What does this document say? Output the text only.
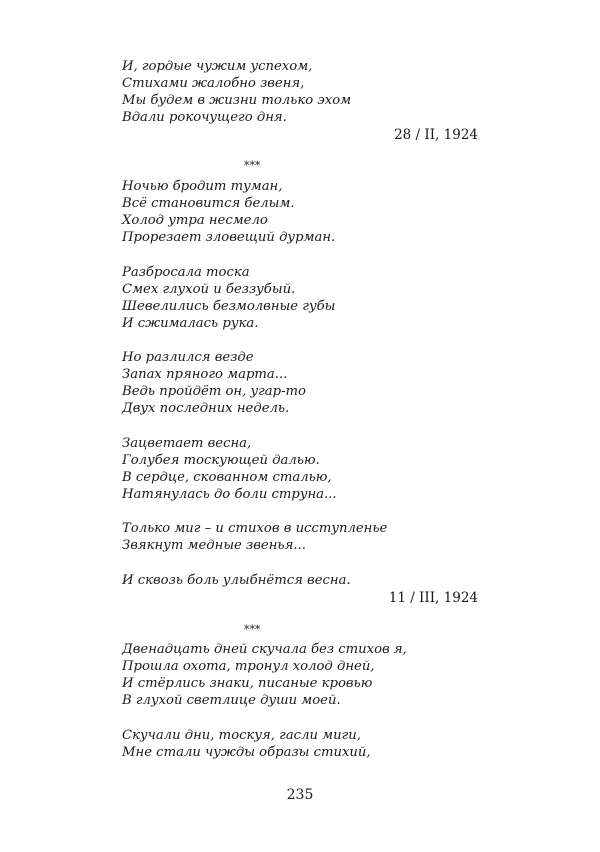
И, гордые чужим успехом,
Стихами жалобно звеня,
Мы будем в жизни только эхом
Вдали рокочущего дня.
28 / II, 1924
***
Ночью бродит туман,
Всё становится белым.
Холод утра несмело
Прорезает зловещий дурман.
Разбросала тоска
Смех глухой и беззубый.
Шевелились безмолвные губы
И сжималась рука.
Но разлился везде
Запах пряного марта...
Ведь пройдёт он, угар-то
Двух последних недель.
Зацветает весна,
Голубея тоскующей далью.
В сердце, скованном сталью,
Натянулась до боли струна...
Только миг – и стихов в исступленье
Звякнут медные звенья...
И сквозь боль улыбнётся весна.
11 / III, 1924
***
Двенадцать дней скучала без стихов я,
Прошла охота, тронул холод дней,
И стёрлись знаки, писаные кровью
В глухой светлице души моей.
Скучали дни, тоскуя, гасли миги,
Мне стали чужды образы стихий,
235
